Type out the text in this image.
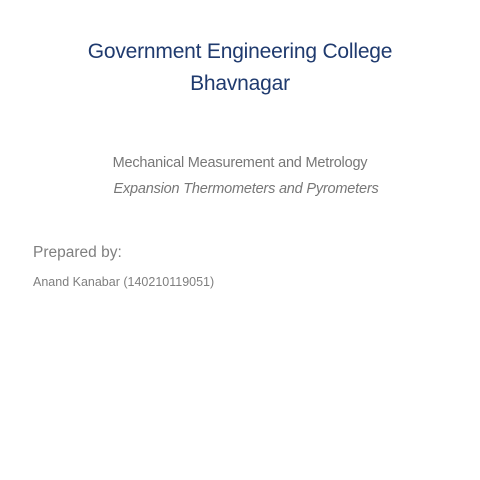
Government Engineering College
Bhavnagar
Mechanical Measurement and Metrology
Expansion Thermometers and Pyrometers
Prepared by:
Anand Kanabar (140210119051)
